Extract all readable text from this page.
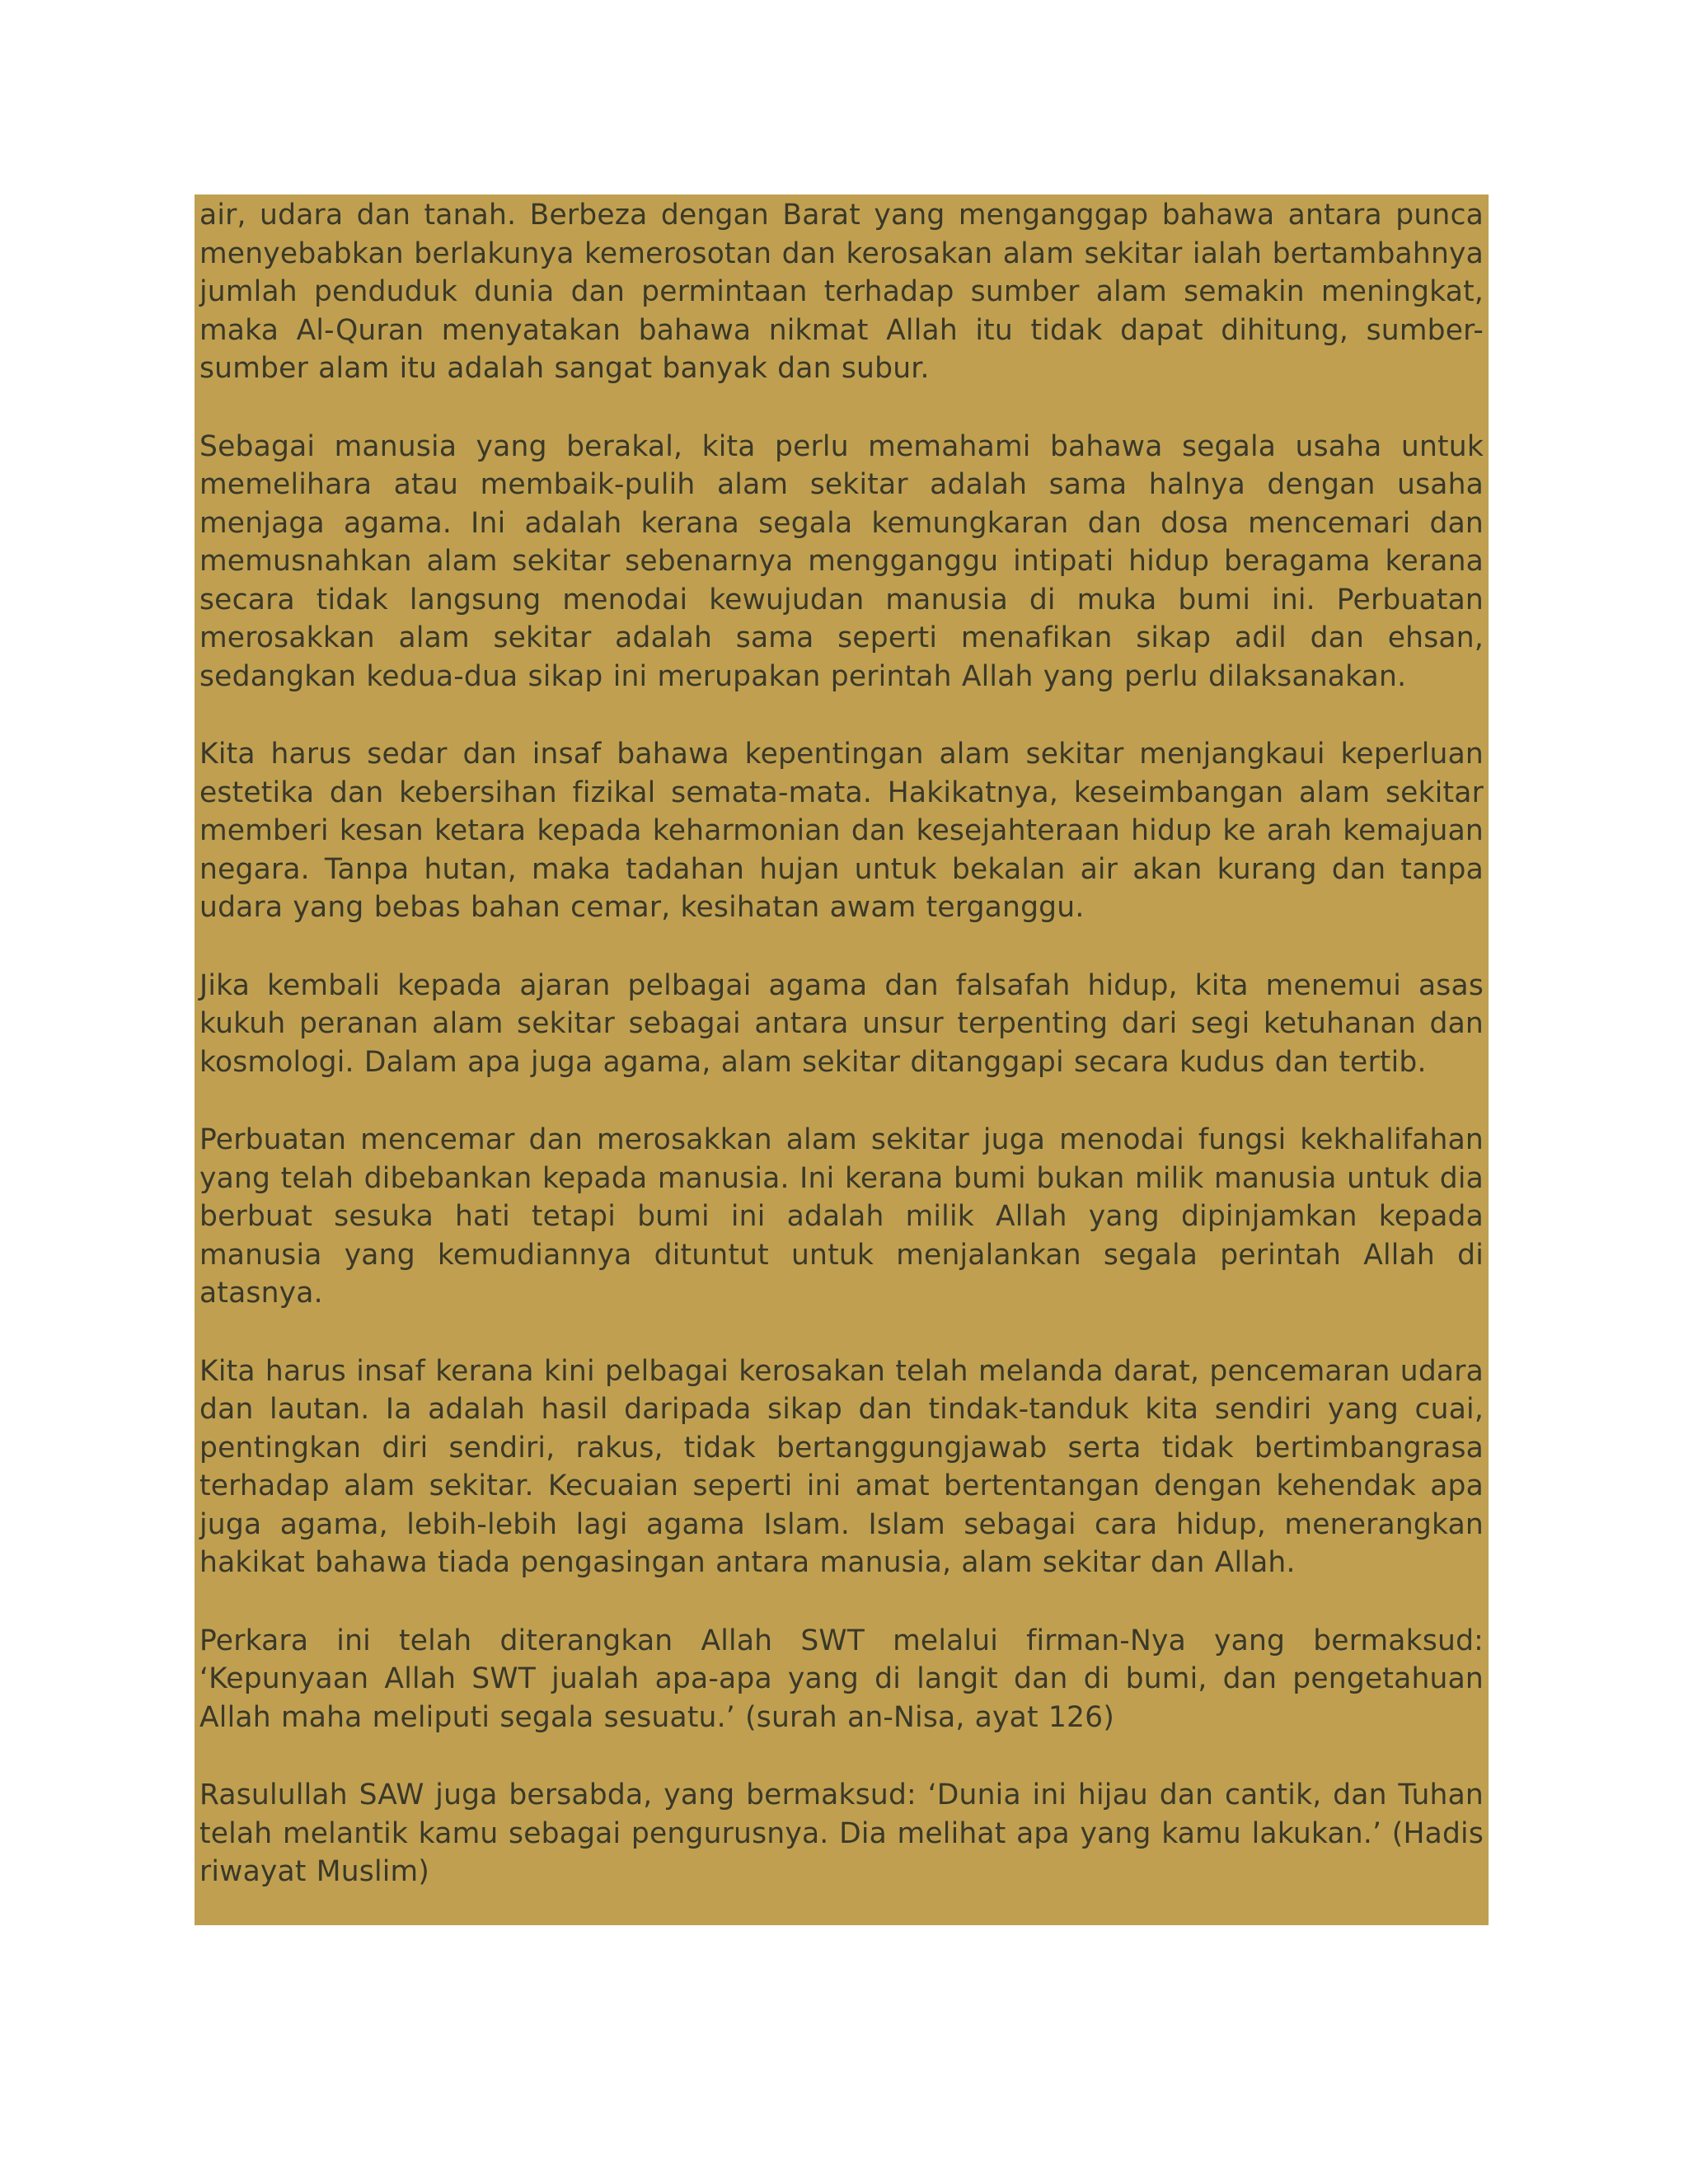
air, udara dan tanah. Berbeza dengan Barat yang menganggap bahawa antara punca menyebabkan berlakunya kemerosotan dan kerosakan alam sekitar ialah bertambahnya jumlah penduduk dunia dan permintaan terhadap sumber alam semakin meningkat, maka Al-Quran menyatakan bahawa nikmat Allah itu tidak dapat dihitung, sumber-sumber alam itu adalah sangat banyak dan subur.

Sebagai manusia yang berakal, kita perlu memahami bahawa segala usaha untuk memelihara atau membaik-pulih alam sekitar adalah sama halnya dengan usaha menjaga agama. Ini adalah kerana segala kemungkaran dan dosa mencemari dan memusnahkan alam sekitar sebenarnya mengganggu intipati hidup beragama kerana secara tidak langsung menodai kewujudan manusia di muka bumi ini. Perbuatan merosakkan alam sekitar adalah sama seperti menafikan sikap adil dan ehsan, sedangkan kedua-dua sikap ini merupakan perintah Allah yang perlu dilaksanakan.

Kita harus sedar dan insaf bahawa kepentingan alam sekitar menjangkaui keperluan estetika dan kebersihan fizikal semata-mata. Hakikatnya, keseimbangan alam sekitar memberi kesan ketara kepada keharmonian dan kesejahteraan hidup ke arah kemajuan negara. Tanpa hutan, maka tadahan hujan untuk bekalan air akan kurang dan tanpa udara yang bebas bahan cemar, kesihatan awam terganggu.

Jika kembali kepada ajaran pelbagai agama dan falsafah hidup, kita menemui asas kukuh peranan alam sekitar sebagai antara unsur terpenting dari segi ketuhanan dan kosmologi. Dalam apa juga agama, alam sekitar ditanggapi secara kudus dan tertib.

Perbuatan mencemar dan merosakkan alam sekitar juga menodai fungsi kekhalifahan yang telah dibebankan kepada manusia. Ini kerana bumi bukan milik manusia untuk dia berbuat sesuka hati tetapi bumi ini adalah milik Allah yang dipinjamkan kepada manusia yang kemudiannya dituntut untuk menjalankan segala perintah Allah di atasnya.

Kita harus insaf kerana kini pelbagai kerosakan telah melanda darat, pencemaran udara dan lautan. Ia adalah hasil daripada sikap dan tindak-tanduk kita sendiri yang cuai, pentingkan diri sendiri, rakus, tidak bertanggungjawab serta tidak bertimbangrasa terhadap alam sekitar. Kecuaian seperti ini amat bertentangan dengan kehendak apa juga agama, lebih-lebih lagi agama Islam. Islam sebagai cara hidup, menerangkan hakikat bahawa tiada pengasingan antara manusia, alam sekitar dan Allah.

Perkara ini telah diterangkan Allah SWT melalui firman-Nya yang bermaksud: ‘Kepunyaan Allah SWT jualah apa-apa yang di langit dan di bumi, dan pengetahuan Allah maha meliputi segala sesuatu.’ (surah an-Nisa, ayat 126)

Rasulullah SAW juga bersabda, yang bermaksud: ‘Dunia ini hijau dan cantik, dan Tuhan telah melantik kamu sebagai pengurusnya. Dia melihat apa yang kamu lakukan.’ (Hadis riwayat Muslim)
